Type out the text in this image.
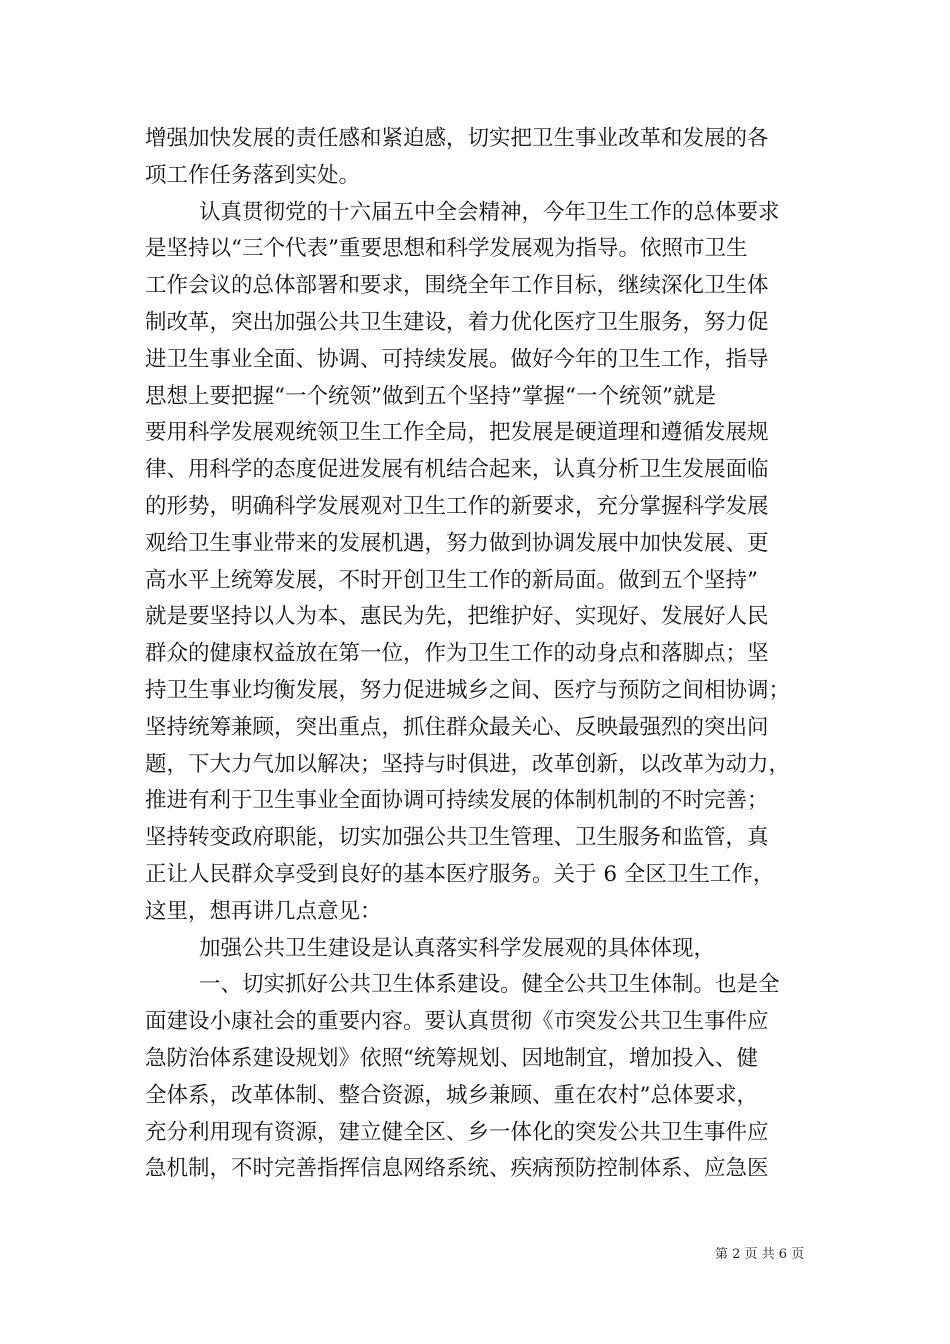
增强加快发展的责任感和紧迫感，切实把卫生事业改革和发展的各
项工作任务落到实处。
认真贯彻党的十六届五中全会精神，今年卫生工作的总体要求
是坚持以“三个代表”重要思想和科学发展观为指导。依照市卫生
工作会议的总体部署和要求，围绕全年工作目标，继续深化卫生体
制改革，突出加强公共卫生建设，着力优化医疗卫生服务，努力促
进卫生事业全面、协调、可持续发展。做好今年的卫生工作，指导
思想上要把握“一个统领”做到五个坚持”掌握“一个统领”就是
要用科学发展观统领卫生工作全局，把发展是硬道理和遵循发展规
律、用科学的态度促进发展有机结合起来，认真分析卫生发展面临
的形势，明确科学发展观对卫生工作的新要求，充分掌握科学发展
观给卫生事业带来的发展机遇，努力做到协调发展中加快发展、更
高水平上统筹发展，不时开创卫生工作的新局面。做到五个坚持”
就是要坚持以人为本、惠民为先，把维护好、实现好、发展好人民
群众的健康权益放在第一位，作为卫生工作的动身点和落脚点；坚
持卫生事业均衡发展，努力促进城乡之间、医疗与预防之间相协调；
坚持统筹兼顾，突出重点，抓住群众最关心、反映最强烈的突出问
题，下大力气加以解决；坚持与时俱进，改革创新，以改革为动力，
推进有利于卫生事业全面协调可持续发展的体制机制的不时完善；
坚持转变政府职能，切实加强公共卫生管理、卫生服务和监管，真
正让人民群众享受到良好的基本医疗服务。关于 6 全区卫生工作，
这里，想再讲几点意见：
加强公共卫生建设是认真落实科学发展观的具体体现，
一、切实抓好公共卫生体系建设。健全公共卫生体制。也是全
面建设小康社会的重要内容。要认真贯彻《市突发公共卫生事件应
急防治体系建设规划》依照“统筹规划、因地制宜，增加投入、健
全体系，改革体制、整合资源，城乡兼顾、重在农村”总体要求，
充分利用现有资源，建立健全区、乡一体化的突发公共卫生事件应
急机制，不时完善指挥信息网络系统、疾病预防控制体系、应急医
第 2 页 共 6 页
